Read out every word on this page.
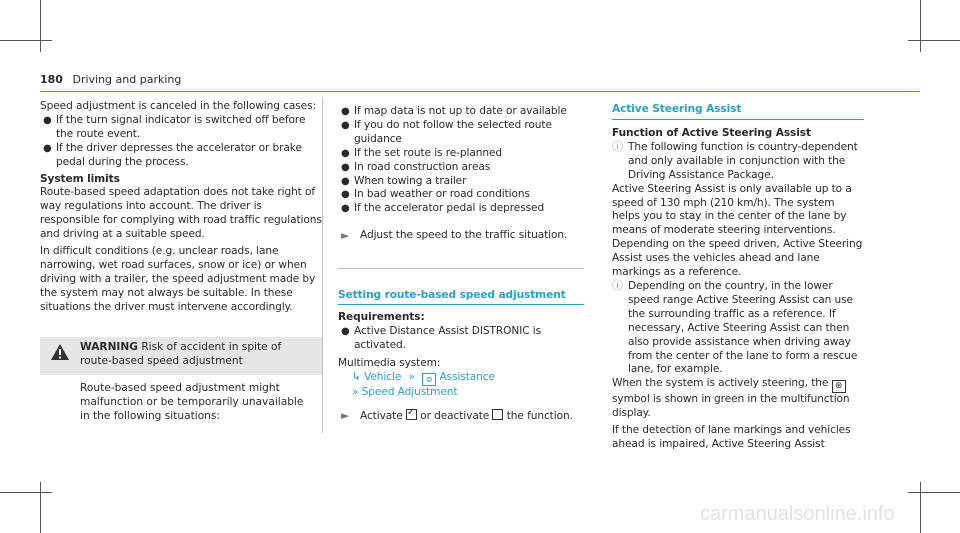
180 Driving and parking

Speed adjustment is canceled in the following cases:

● If the turn signal indicator is switched off before the route event.
● If the driver depresses the accelerator or brake pedal during the process.

System limits

Route-based speed adaptation does not take right of way regulations into account. The driver is responsible for complying with road traffic regulations and driving at a suitable speed.

In difficult conditions (e.g. unclear roads, lane narrowing, wet road surfaces, snow or ice) or when driving with a trailer, the speed adjustment made by the system may not always be suitable. In these situations the driver must intervene accordingly.

WARNING Risk of accident in spite of route-based speed adjustment
Route-based speed adjustment might malfunction or be temporarily unavailable in the following situations:
● If map data is not up to date or available
● If you do not follow the selected route guidance
● If the set route is re-planned
● In road construction areas
● When towing a trailer
● In bad weather or road conditions
● If the accelerator pedal is depressed
► Adjust the speed to the traffic situation.

Setting route-based speed adjustment

Requirements:

● Active Distance Assist DISTRONIC is activated.

Multimedia system:

↳ Vehicle » ⊜ Assistance

» Speed Adjustment

► Activate ✓ or deactivate the function.

Active Steering Assist

Function of Active Steering Assist

ⓘ The following function is country-dependent and only available in conjunction with the Driving Assistance Package.

Active Steering Assist is only available up to a speed of 130 mph (210 km/h). The system helps you to stay in the center of the lane by means of moderate steering interventions. Depending on the speed driven, Active Steering Assist uses the vehicles ahead and lane markings as a reference.

ⓘ Depending on the country, in the lower speed range Active Steering Assist can use the surrounding traffic as a reference. If necessary, Active Steering Assist can then also provide assistance when driving away from the center of the lane to form a rescue lane, for example.

When the system is actively steering, the ⊛ symbol is shown in green in the multifunction display.

If the detection of lane markings and vehicles ahead is impaired, Active Steering Assist

carmanualsonline.info
